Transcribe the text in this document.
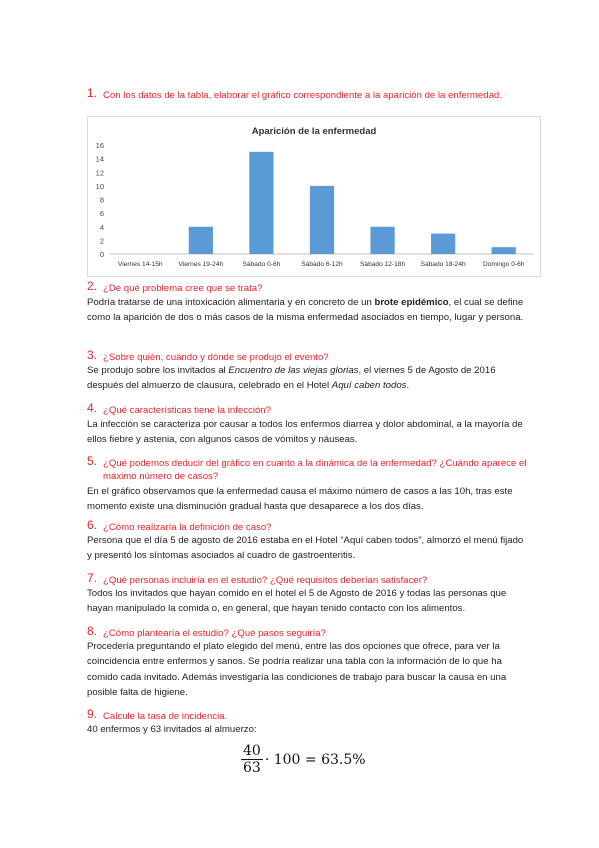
1. Con los datos de la tabla, elaborar el gráfico correspondiente a la aparición de la enfermedad.
Aparición de la enfermedad
0
2
4
6
8
10
12
14
16
Viernes 14-15h Viernes 19-24h	Sábado 0-6h	Sábado 6-12h	Sábado 12-18h Sábado 18-24h	Domingo 0-6h
2. ¿De qué problema cree que se trata?
Podría tratarse de una intoxicación alimentaria y en concreto de un brote epidémico, el cual se define como la aparición de dos o más casos de la misma enfermedad asociados en tiempo, lugar y persona.
3. ¿Sobre quién, cuándo y dónde se produjo el evento?
Se produjo sobre los invitados al Encuentro de las viejas glorias, el viernes 5 de Agosto de 2016 después del almuerzo de clausura, celebrado en el Hotel Aquí caben todos.
4. ¿Qué características tiene la infección?
La infección se caracteriza por causar a todos los enfermos diarrea y dolor abdominal, a la mayoría de ellos fiebre y astenia, con algunos casos de vómitos y náuseas.
5. ¿Qué podemos deducir del gráfico en cuanto a la dinámica de la enfermedad? ¿Cuándo aparece el máximo número de casos?
En el gráfico observamos que la enfermedad causa el máximo número de casos a las 10h, tras este momento existe una disminución gradual hasta que desaparece a los dos días.
6. ¿Cómo realizaría la definición de caso?
Persona que el día 5 de agosto de 2016 estaba en el Hotel “Aquí caben todos”, almorzó el menú fijado y presentó los síntomas asociados al cuadro de gastroenteritis.
7. ¿Qué personas incluiría en el estudio? ¿Qué requisitos deberían satisfacer?
Todos los invitados que hayan comido en el hotel el 5 de Agosto de 2016 y todas las personas que hayan manipulado la comida o, en general, que hayan tenido contacto con los alimentos.
8. ¿Cómo plantearía el estudio? ¿Qué pasos seguiría?
Procedería preguntando el plato elegido del menú, entre las dos opciones que ofrece, para ver la coincidencia entre enfermos y sanos. Se podría realizar una tabla con la información de lo que ha comido cada invitado. Además investigaría las condiciones de trabajo para buscar la causa en una posible falta de higiene.
9. Calcule la tasa de incidencia.
40 enfermos y 63 invitados al almuerzo:
$\frac{40}{63} \cdot 100 = 63.5\%$
